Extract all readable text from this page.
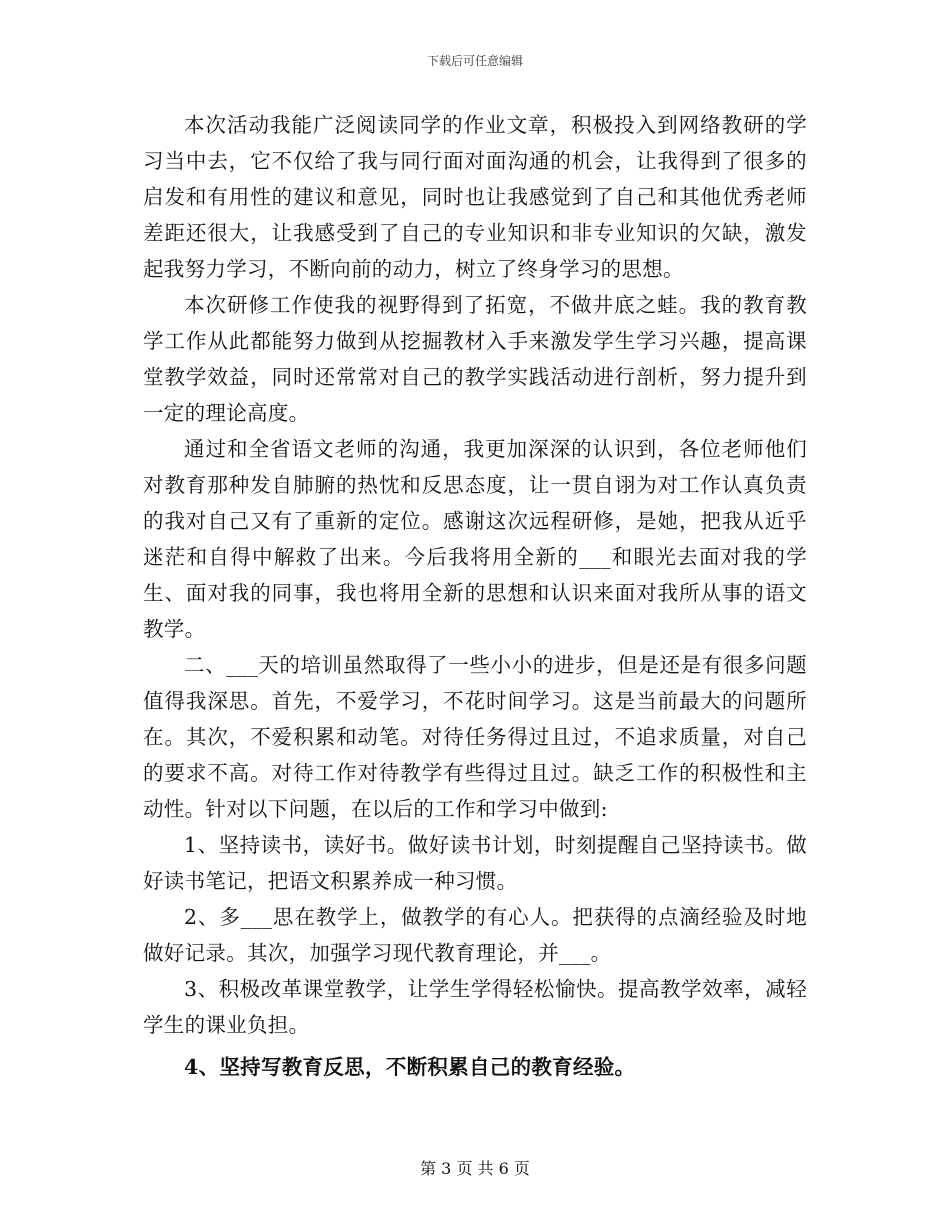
下载后可任意编辑

本次活动我能广泛阅读同学的作业文章，积极投入到网络教研的学习当中去，它不仅给了我与同行面对面沟通的机会，让我得到了很多的启发和有用性的建议和意见，同时也让我感觉到了自己和其他优秀老师差距还很大，让我感受到了自己的专业知识和非专业知识的欠缺，激发起我努力学习，不断向前的动力，树立了终身学习的思想。

本次研修工作使我的视野得到了拓宽，不做井底之蛙。我的教育教学工作从此都能努力做到从挖掘教材入手来激发学生学习兴趣，提高课堂教学效益，同时还常常对自己的教学实践活动进行剖析，努力提升到一定的理论高度。

通过和全省语文老师的沟通，我更加深深的认识到，各位老师他们对教育那种发自肺腑的热忱和反思态度，让一贯自诩为对工作认真负责的我对自己又有了重新的定位。感谢这次远程研修，是她，把我从近乎迷茫和自得中解救了出来。今后我将用全新的___和眼光去面对我的学生、面对我的同事，我也将用全新的思想和认识来面对我所从事的语文教学。

二、___天的培训虽然取得了一些小小的进步，但是还是有很多问题值得我深思。首先，不爱学习，不花时间学习。这是当前最大的问题所在。其次，不爱积累和动笔。对待任务得过且过，不追求质量，对自己的要求不高。对待工作对待教学有些得过且过。缺乏工作的积极性和主动性。针对以下问题，在以后的工作和学习中做到:

1、坚持读书，读好书。做好读书计划，时刻提醒自己坚持读书。做好读书笔记，把语文积累养成一种习惯。

2、多___思在教学上，做教学的有心人。把获得的点滴经验及时地做好记录。其次，加强学习现代教育理论，并___。

3、积极改革课堂教学，让学生学得轻松愉快。提高教学效率，减轻学生的课业负担。

4、坚持写教育反思，不断积累自己的教育经验。

第 3 页 共 6 页
